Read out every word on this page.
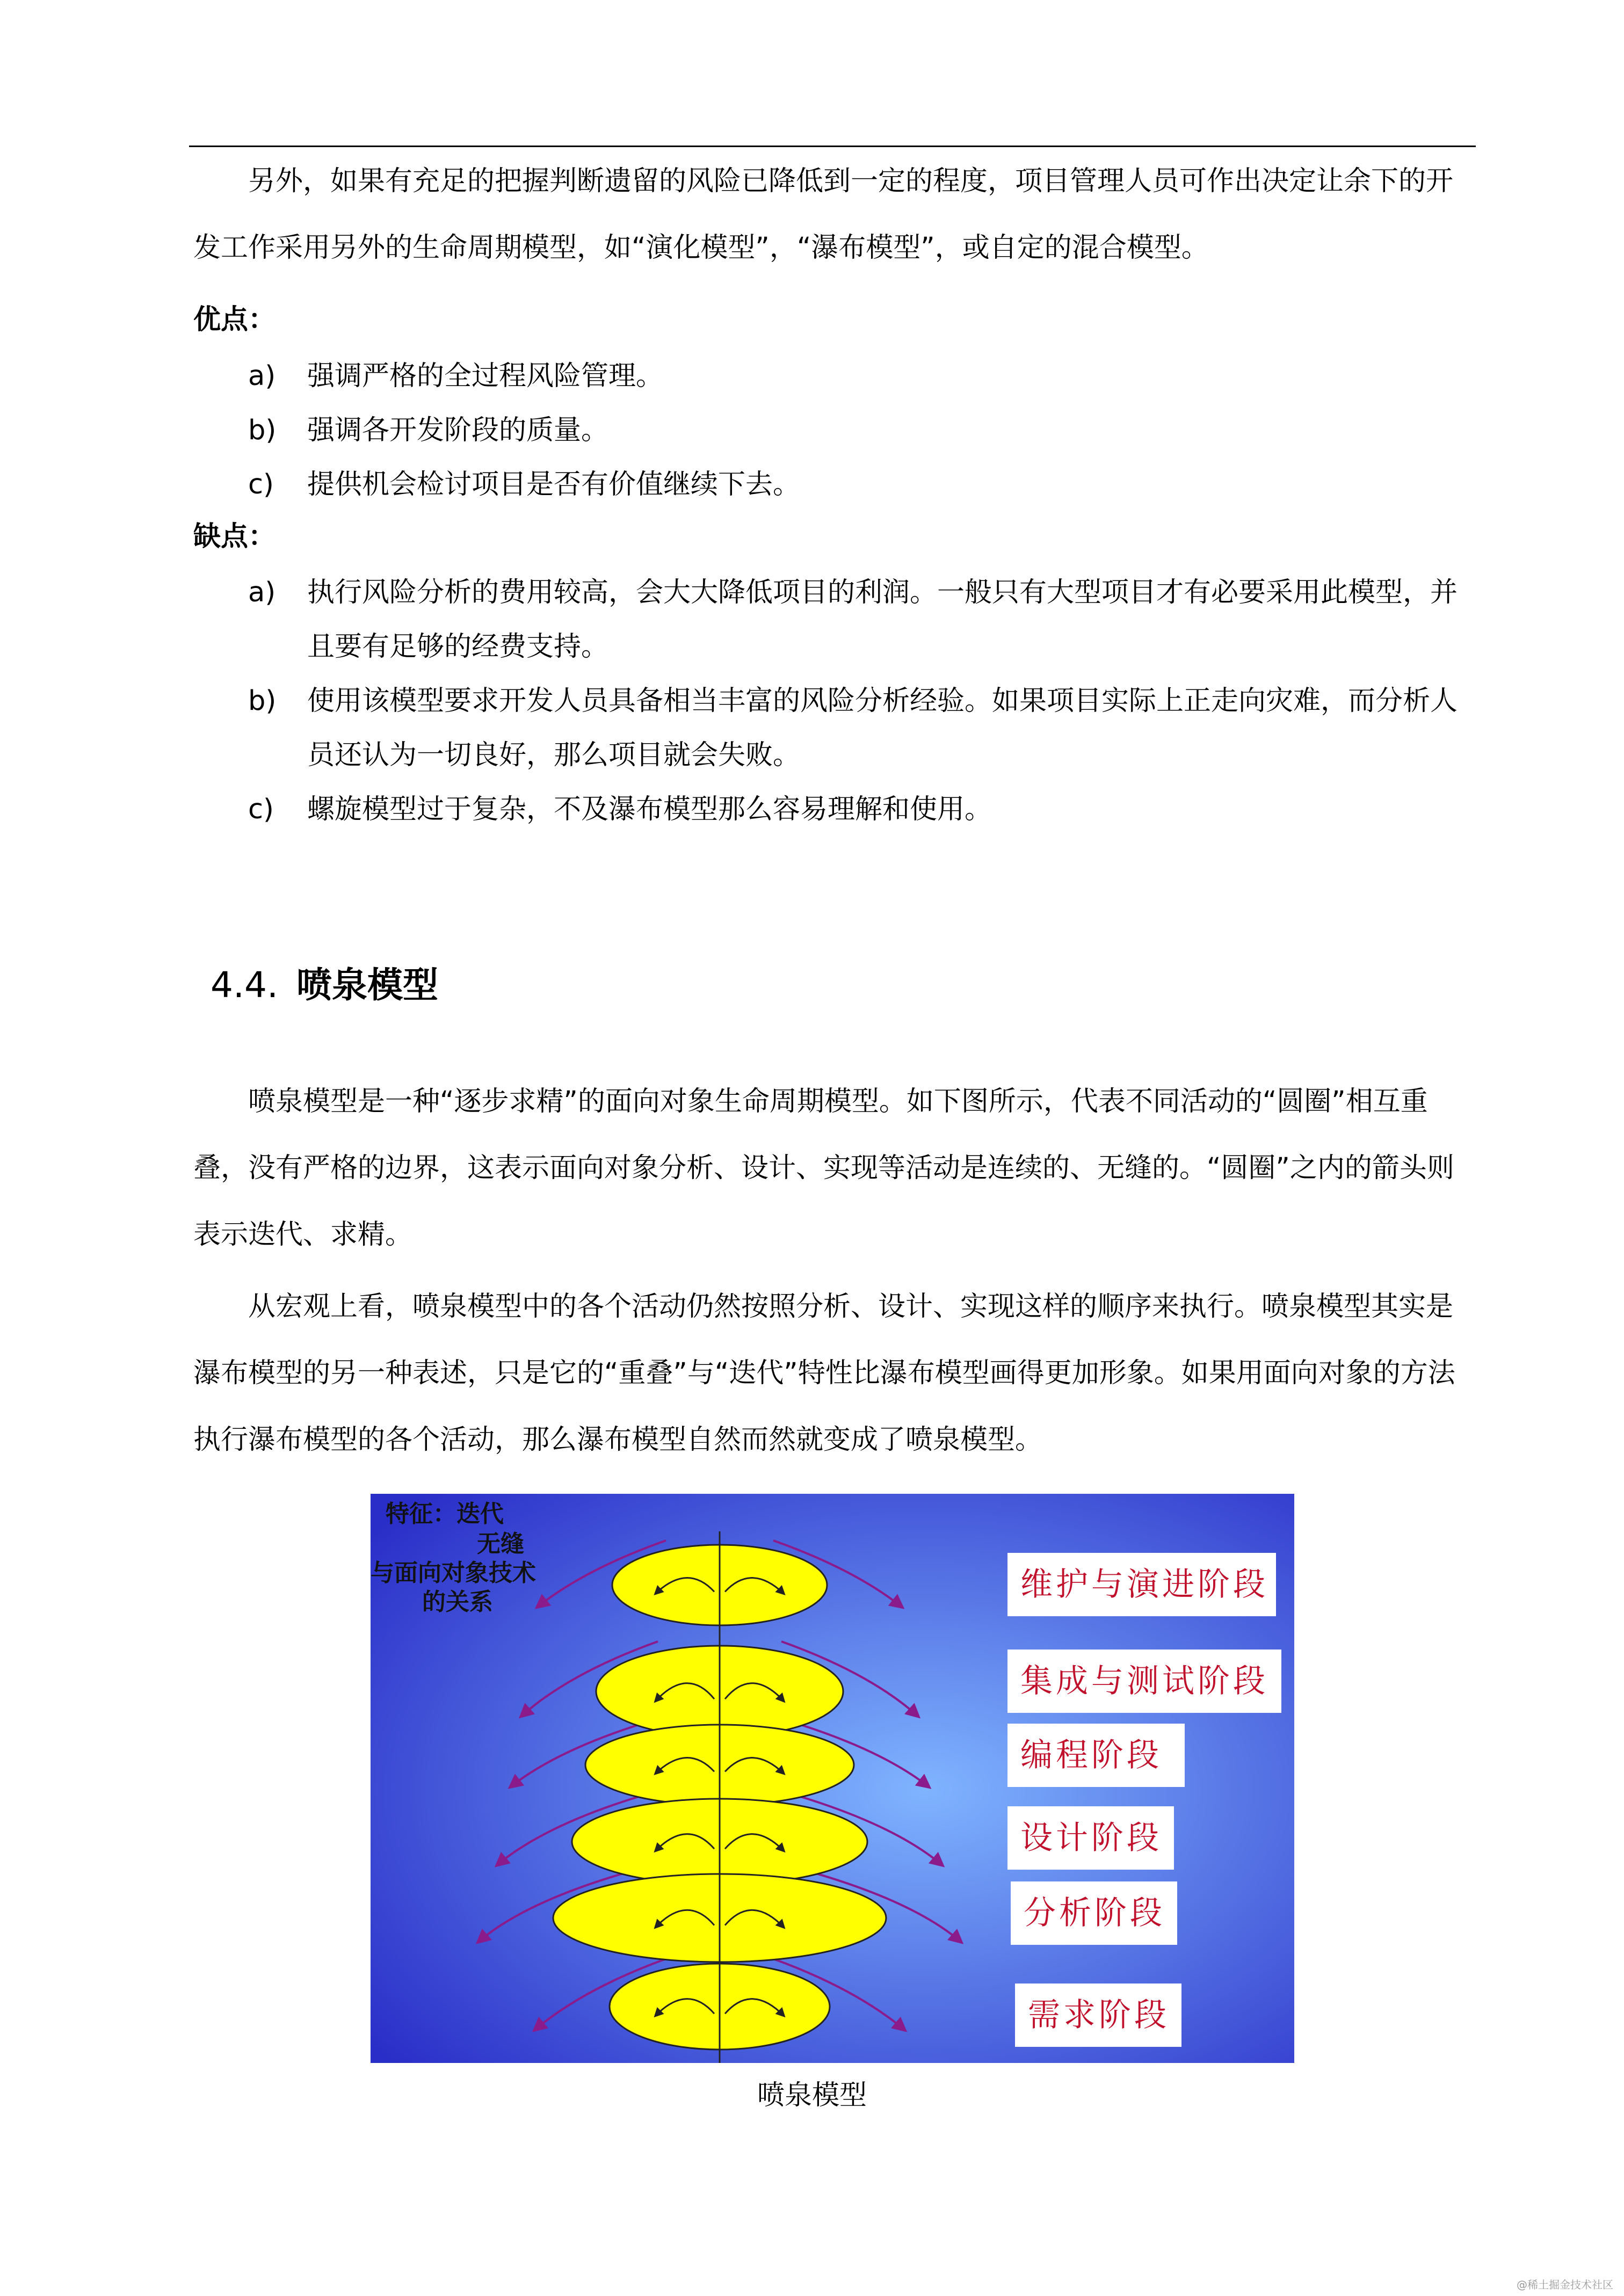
另外，如果有充足的把握判断遗留的风险已降低到一定的程度，项目管理人员可作出决定让余下的开发工作采用另外的生命周期模型，如“演化模型”，“瀑布模型”，或自定的混合模型。

优点：
a) 强调严格的全过程风险管理。
b) 强调各开发阶段的质量。
c) 提供机会检讨项目是否有价值继续下去。
缺点：
a) 执行风险分析的费用较高，会大大降低项目的利润。一般只有大型项目才有必要采用此模型，并且要有足够的经费支持。
b) 使用该模型要求开发人员具备相当丰富的风险分析经验。如果项目实际上正走向灾难，而分析人员还认为一切良好，那么项目就会失败。
c) 螺旋模型过于复杂，不及瀑布模型那么容易理解和使用。
4.4. 喷泉模型

喷泉模型是一种“逐步求精”的面向对象生命周期模型。如下图所示，代表不同活动的“圆圈”相互重叠，没有严格的边界，这表示面向对象分析、设计、实现等活动是连续的、无缝的。“圆圈”之内的箭头则表示迭代、求精。

从宏观上看，喷泉模型中的各个活动仍然按照分析、设计、实现这样的顺序来执行。喷泉模型其实是瀑布模型的另一种表述，只是它的“重叠”与“迭代”特性比瀑布模型画得更加形象。如果用面向对象的方法执行瀑布模型的各个活动，那么瀑布模型自然而然就变成了喷泉模型。

维护与演进阶段
集成与测试阶段
编程阶段
设计阶段
分析阶段
需求阶段
特征：迭代
无缝
与面向对象技术
的关系
喷泉模型
@稀土掘金技术社区
